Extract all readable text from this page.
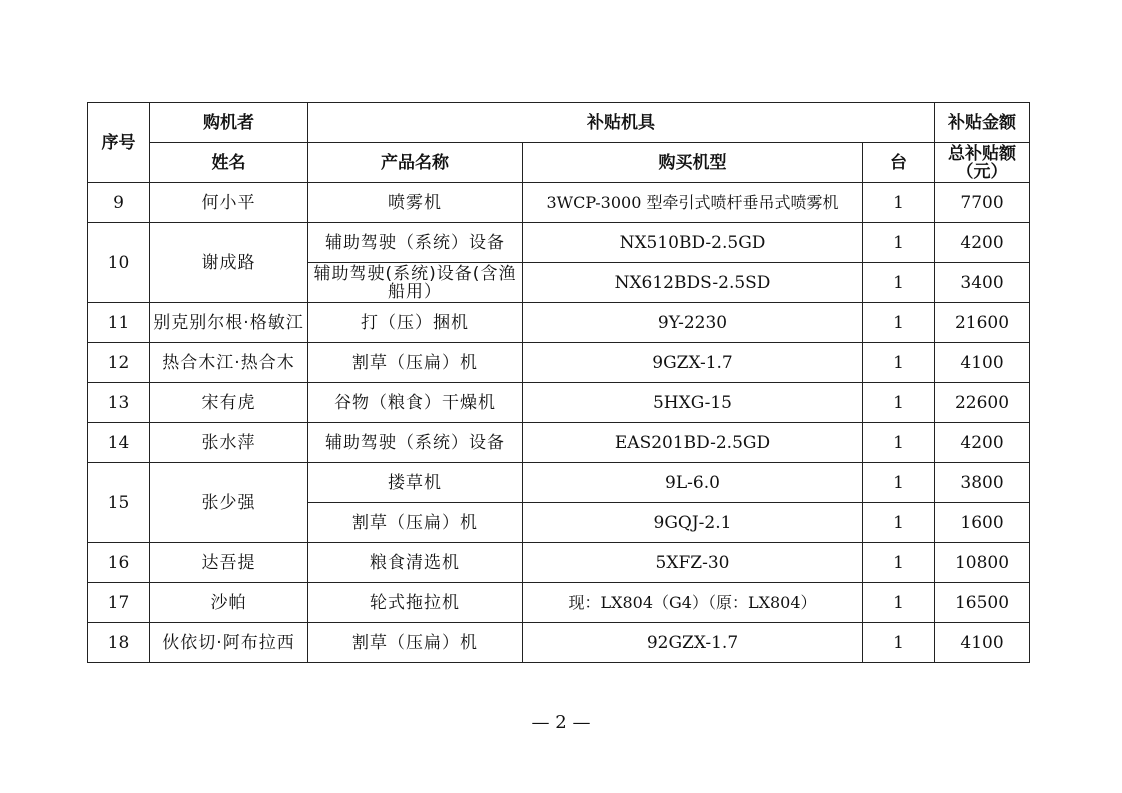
序号	购机者	补贴机具			补贴金额
	姓名	产品名称	购买机型	台	总补贴额（元）
9	何小平	喷雾机	3WCP-3000 型牵引式喷杆垂吊式喷雾机	1	7700
10	谢成路	辅助驾驶（系统）设备	NX510BD-2.5GD	1	4200
		辅助驾驶(系统)设备(含渔船用）	NX612BDS-2.5SD	1	3400
11	别克别尔根·格敏江	打（压）捆机	9Y-2230	1	21600
12	热合木江·热合木	割草（压扁）机	9GZX-1.7	1	4100
13	宋有虎	谷物（粮食）干燥机	5HXG-15	1	22600
14	张水萍	辅助驾驶（系统）设备	EAS201BD-2.5GD	1	4200
15	张少强	搂草机	9L-6.0	1	3800
		割草（压扁）机	9GQJ-2.1	1	1600
16	达吾提	粮食清选机	5XFZ-30	1	10800
17	沙帕	轮式拖拉机	现：LX804（G4）（原：LX804）	1	16500
18	伙依切·阿布拉西	割草（压扁）机	92GZX-1.7	1	4100
— 2 —
